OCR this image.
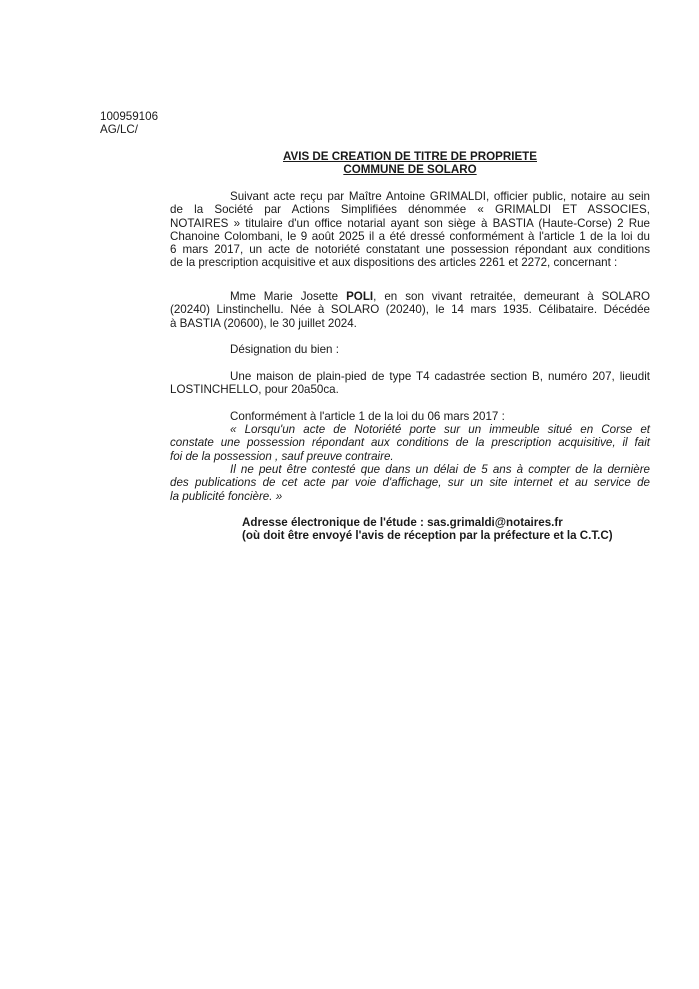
100959106
AG/LC/
AVIS DE CREATION DE TITRE DE PROPRIETE
COMMUNE DE SOLARO

Suivant acte reçu par Maître Antoine GRIMALDI, officier public, notaire au sein

de la Société par Actions Simplifiées dénommée « GRIMALDI ET ASSOCIES,

NOTAIRES » titulaire d'un office notarial ayant son siège à BASTIA (Haute-Corse) 2 Rue

Chanoine Colombani, le 9 août 2025 il a été dressé conformément à l'article 1 de la loi du

6 mars 2017, un acte de notoriété constatant une possession répondant aux conditions

de la prescription acquisitive et aux dispositions des articles 2261 et 2272, concernant :

Mme Marie Josette POLI, en son vivant retraitée, demeurant à SOLARO

(20240) Linstinchellu. Née à SOLARO (20240), le 14 mars 1935. Célibataire. Décédée

à BASTIA (20600), le 30 juillet 2024.

Désignation du bien :

Une maison de plain-pied de type T4 cadastrée section B, numéro 207, lieudit

LOSTINCHELLO, pour 20a50ca.

Conformément à l'article 1 de la loi du 06 mars 2017 :

« Lorsqu'un acte de Notoriété porte sur un immeuble situé en Corse et

constate une possession répondant aux conditions de la prescription acquisitive, il fait

foi de la possession , sauf preuve contraire.

Il ne peut être contesté que dans un délai de 5 ans à compter de la dernière

des publications de cet acte par voie d'affichage, sur un site internet et au service de

la publicité foncière. »

Adresse électronique de l'étude : sas.grimaldi@notaires.fr

(où doit être envoyé l'avis de réception par la préfecture et la C.T.C)
